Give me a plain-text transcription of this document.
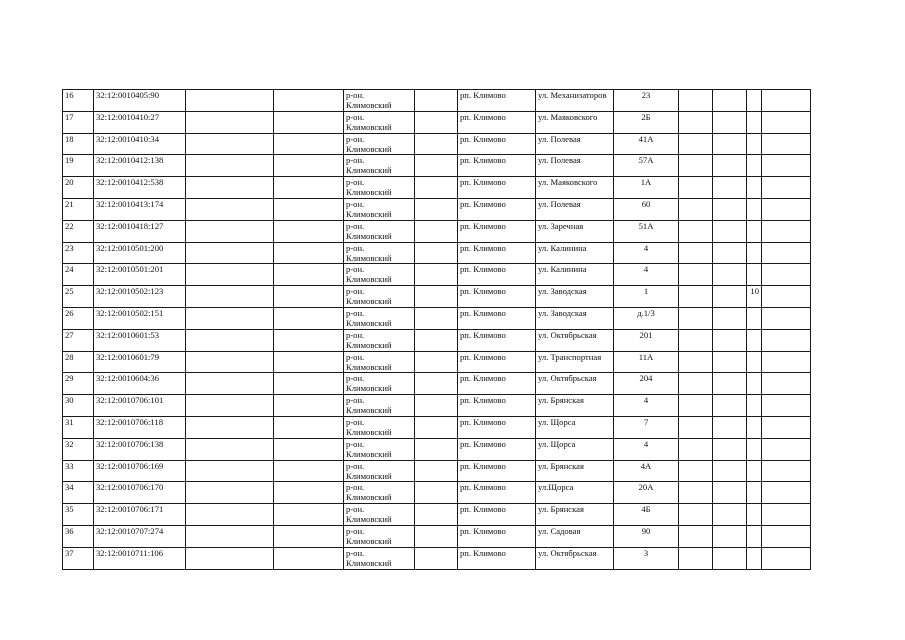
16	32:12:0010405:90			р-он.
Климовский		рп. Климово	ул. Механизаторов	23				
17	32:12:0010410:27			р-он.
Климовский		рп. Климово	ул. Маяковского	2Б				
18	32:12:0010410:34			р-он.
Климовский		рп. Климово	ул. Полевая	41А				
19	32:12:0010412:138			р-он.
Климовский		рп. Климово	ул. Полевая	57А				
20	32:12:0010412:538			р-он.
Климовский		рп. Климово	ул. Маяковского	1А				
21	32:12:0010413:174			р-он.
Климовский		рп. Климово	ул. Полевая	60				
22	32:12:0010418:127			р-он.
Климовский		рп. Климово	ул. Заречная	51А				
23	32:12:0010501:200			р-он.
Климовский		рп. Климово	ул. Калинина	4				
24	32:12:0010501:201			р-он.
Климовский		рп. Климово	ул. Калинина	4				
25	32:12:0010502:123			р-он.
Климовский		рп. Климово	ул. Заводская	1			10	
26	32:12:0010502:151			р-он.
Климовский		рп. Климово	ул. Заводская	д.1/3				
27	32:12:0010601:53			р-он.
Климовский		рп. Климово	ул. Октябрьская	201				
28	32:12:0010601:79			р-он.
Климовский		рп. Климово	ул. Транспортная	11А				
29	32:12:0010604:36			р-он.
Климовский		рп. Климово	ул. Октябрьская	204				
30	32:12:0010706:101			р-он.
Климовский		рп. Климово	ул. Брянская	4				
31	32:12:0010706:118			р-он.
Климовский		рп. Климово	ул. Щорса	7				
32	32:12:0010706:138			р-он.
Климовский		рп. Климово	ул. Щорса	4				
33	32:12:0010706:169			р-он.
Климовский		рп. Климово	ул. Брянская	4А				
34	32:12:0010706:170			р-он.
Климовский		рп. Климово	ул.Щорса	20А				
35	32:12:0010706:171			р-он.
Климовский		рп. Климово	ул. Брянская	4Б				
36	32:12:0010707:274			р-он.
Климовский		рп. Климово	ул. Садовая	90				
37	32:12:0010711:106			р-он.
Климовский		рп. Климово	ул. Октябрьская	3				
